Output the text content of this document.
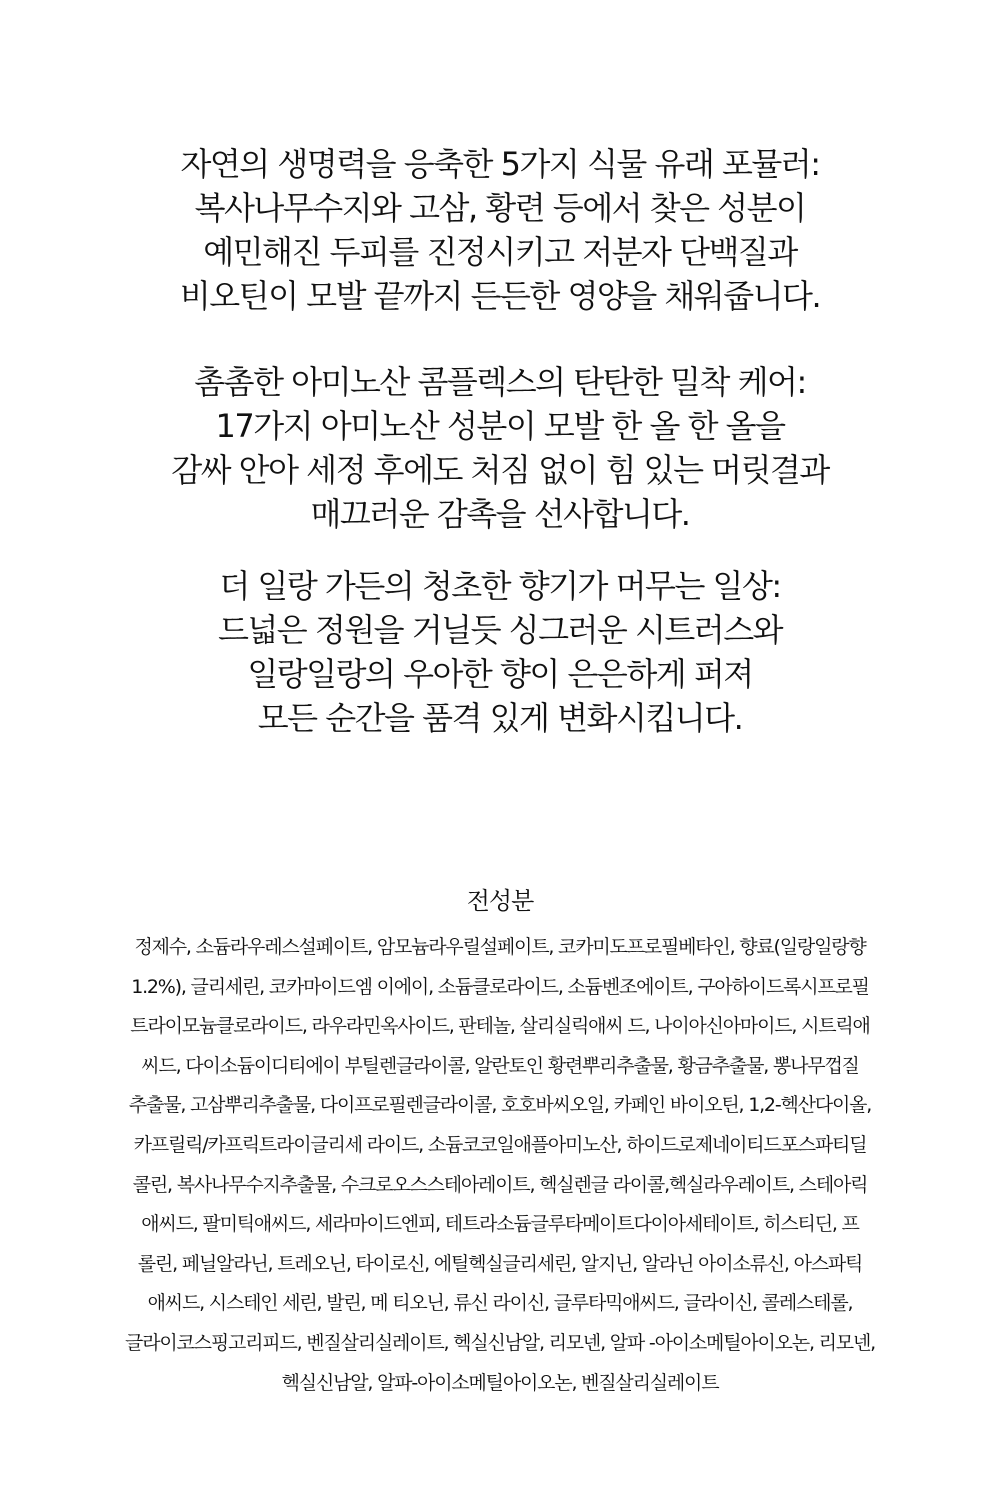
자연의 생명력을 응축한 5가지 식물 유래 포뮬러:
복사나무수지와 고삼, 황련 등에서 찾은 성분이
예민해진 두피를 진정시키고 저분자 단백질과
비오틴이 모발 끝까지 든든한 영양을 채워줍니다.
촘촘한 아미노산 콤플렉스의 탄탄한 밀착 케어:
17가지 아미노산 성분이 모발 한 올 한 올을
감싸 안아 세정 후에도 처짐 없이 힘 있는 머릿결과
매끄러운 감촉을 선사합니다.
더 일랑 가든의 청초한 향기가 머무는 일상:
드넓은 정원을 거닐듯 싱그러운 시트러스와
일랑일랑의 우아한 향이 은은하게 퍼져
모든 순간을 품격 있게 변화시킵니다.
전성분
정제수, 소듐라우레스설페이트, 암모늄라우릴설페이트, 코카미도프로필베타인, 향료(일랑일랑향
1.2%), 글리세린, 코카마이드엠 이에이, 소듐클로라이드, 소듐벤조에이트, 구아하이드록시프로필
트라이모늄클로라이드, 라우라민옥사이드, 판테놀, 살리실릭애씨 드, 나이아신아마이드, 시트릭애
씨드, 다이소듐이디티에이 부틸렌글라이콜, 알란토인 황련뿌리추출물, 황금추출물, 뽕나무껍질
추출물, 고삼뿌리추출물, 다이프로필렌글라이콜, 호호바씨오일, 카페인 바이오틴, 1,2-헥산다이올,
카프릴릭/카프릭트라이글리세 라이드, 소듐코코일애플아미노산, 하이드로제네이티드포스파티딜
콜린, 복사나무수지추출물, 수크로오스스테아레이트, 헥실렌글 라이콜,헥실라우레이트, 스테아릭
애씨드, 팔미틱애씨드, 세라마이드엔피, 테트라소듐글루타메이트다이아세테이트, 히스티딘, 프
롤린, 페닐알라닌, 트레오닌, 타이로신, 에틸헥실글리세린, 알지닌, 알라닌 아이소류신, 아스파틱
애씨드, 시스테인 세린, 발린, 메 티오닌, 류신 라이신, 글루타믹애씨드, 글라이신, 콜레스테롤,
글라이코스핑고리피드, 벤질살리실레이트, 헥실신남알, 리모넨, 알파 -아이소메틸아이오논, 리모넨,
헥실신남알, 알파-아이소메틸아이오논, 벤질살리실레이트
